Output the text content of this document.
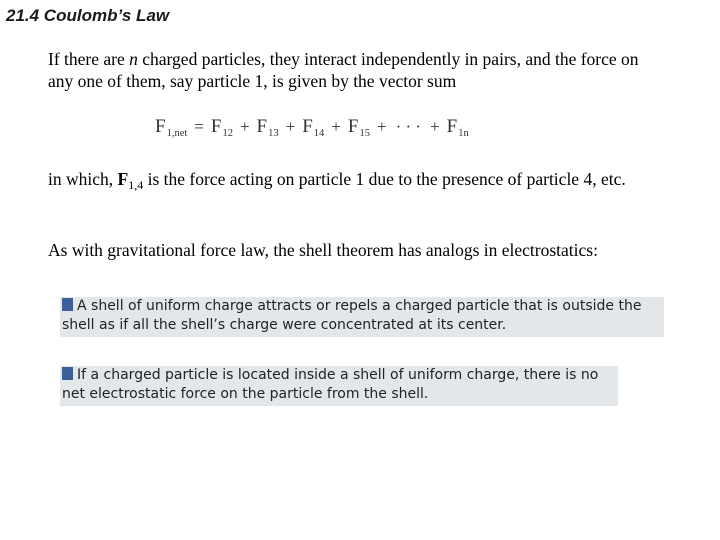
21.4 Coulomb’s Law
If there are n charged particles, they interact independently in pairs, and the force on any one of them, say particle 1, is given by the vector sum
F 1,net = F 12 + F 13 + F 14 + F 15 + · · · + F 1n
in which, $F_{1,4}$ is the force acting on particle 1 due to the presence of particle 4, etc.
As with gravitational force law, the shell theorem has analogs in electrostatics:
A shell of uniform charge attracts or repels a charged particle that is outside the shell as if all the shell’s charge were concentrated at its center.
If a charged particle is located inside a shell of uniform charge, there is no net electrostatic force on the particle from the shell.
